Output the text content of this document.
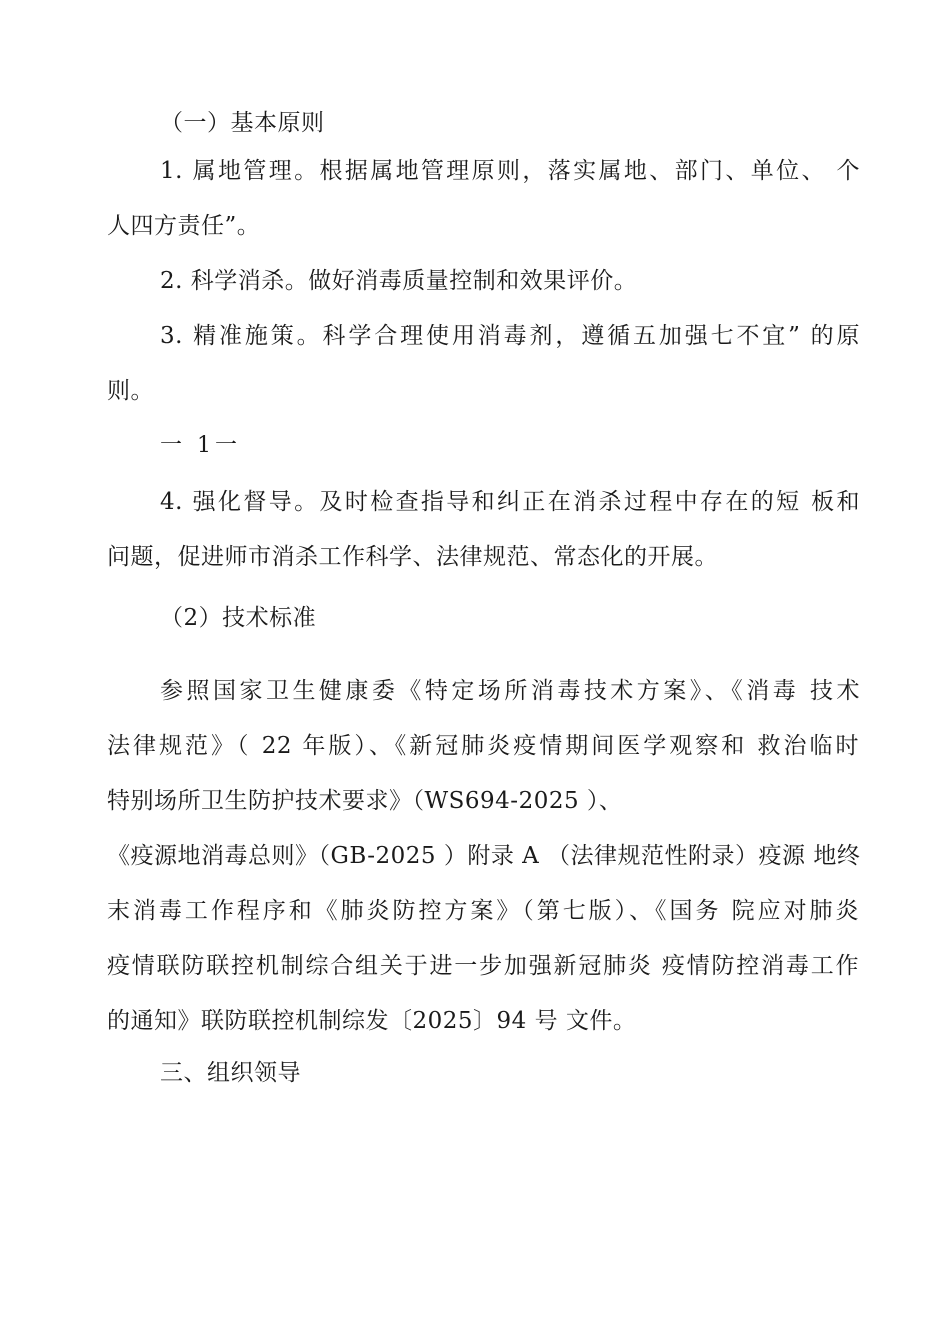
（一）基本原则
1. 属地管理。根据属地管理原则，落实属地、部门、单位、 个
人四方责任”。
2. 科学消杀。做好消毒质量控制和效果评价。
3. 精准施策。科学合理使用消毒剂，遵循五加强七不宜” 的原
则。
一 1一
4. 强化督导。及时检查指导和纠正在消杀过程中存在的短 板和
问题，促进师市消杀工作科学、法律规范、常态化的开展。
（2）技术标准
参照国家卫生健康委《特定场所消毒技术方案》、《消毒 技术
法律规范》（ 22 年版）、《新冠肺炎疫情期间医学观察和 救治临时
特别场所卫生防护技术要求》（WS694-2025 ）、
《疫源地消毒总则》（GB-2025 ）附录 A （法律规范性附录）疫源 地终
末消毒工作程序和《肺炎防控方案》（第七版）、《国务 院应对肺炎
疫情联防联控机制综合组关于进一步加强新冠肺炎 疫情防控消毒工作
的通知》联防联控机制综发〔2025〕94 号 文件。
三、组织领导
